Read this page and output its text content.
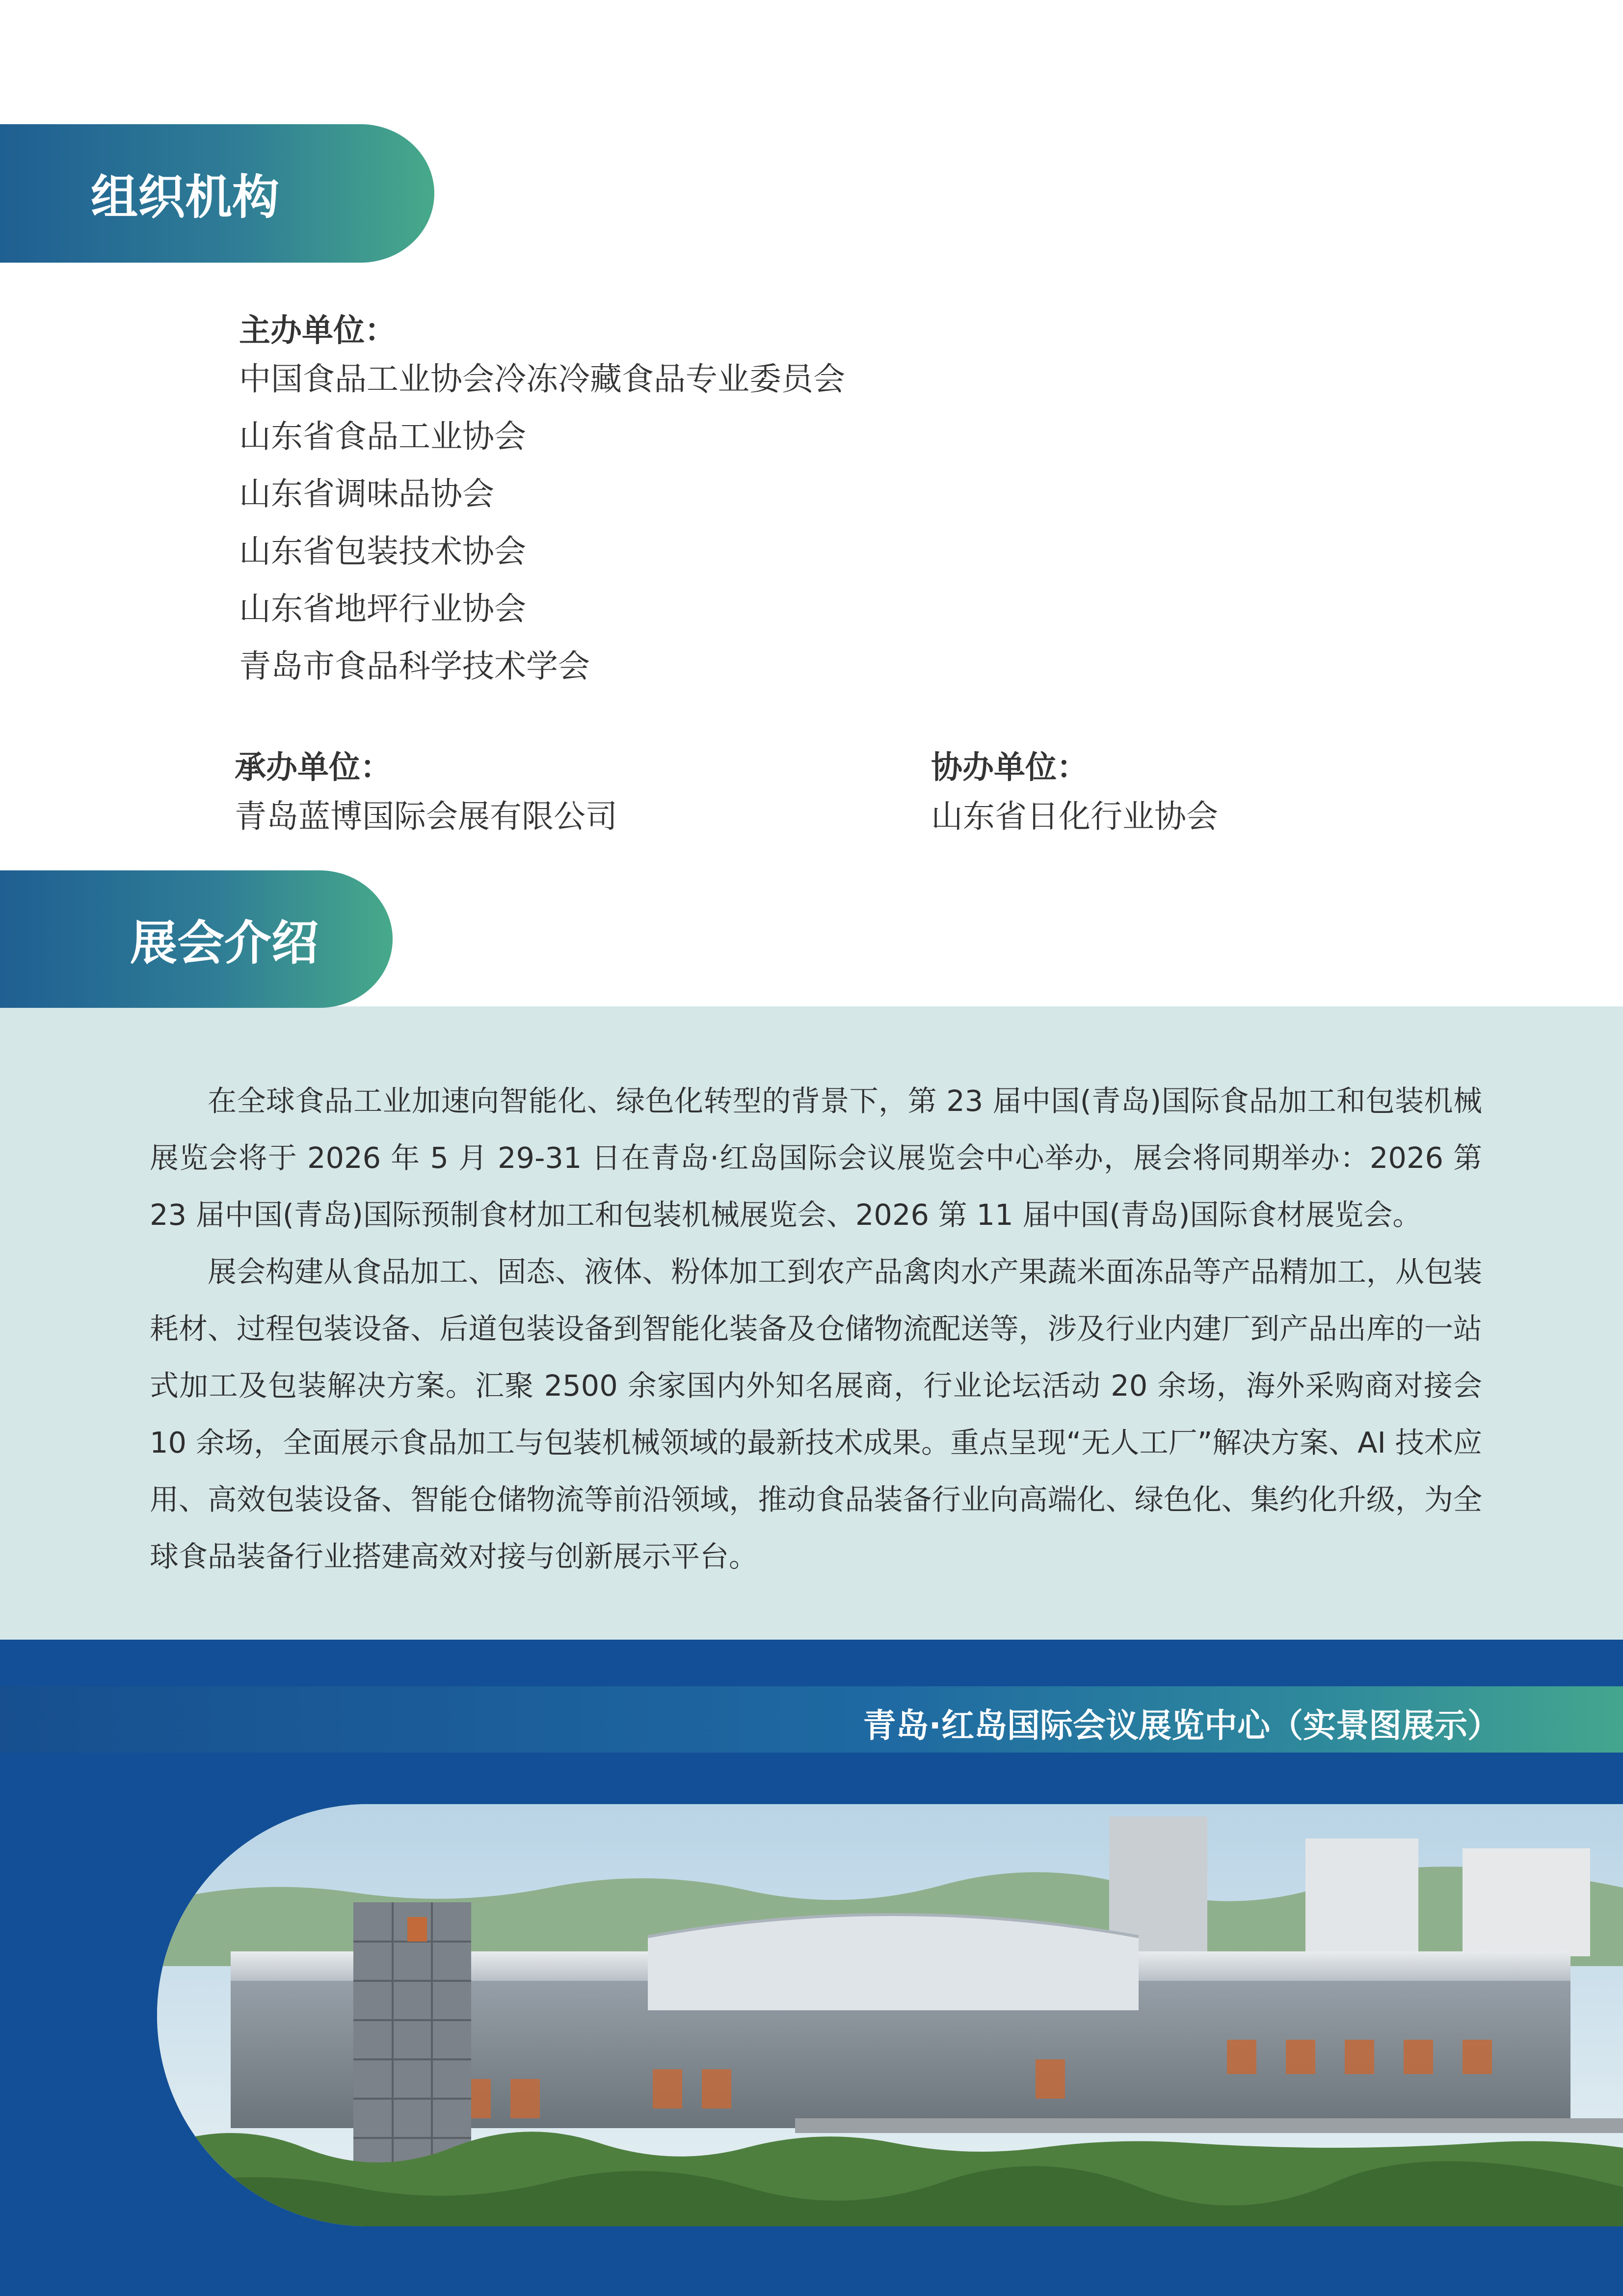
组织机构
主办单位：
中国食品工业协会冷冻冷藏食品专业委员会
山东省食品工业协会
山东省调味品协会
山东省包装技术协会
山东省地坪行业协会
青岛市食品科学技术学会
承办单位：
青岛蓝博国际会展有限公司
协办单位：
山东省日化行业协会
展会介绍

在全球食品工业加速向智能化、绿色化转型的背景下，第 23 届中国(青岛)国际食品加工和包装机械展览会将于 2026 年 5 月 29-31 日在青岛·红岛国际会议展览会中心举办，展会将同期举办：2026 第 23 届中国(青岛)国际预制食材加工和包装机械展览会、2026 第 11 届中国(青岛)国际食材展览会。

展会构建从食品加工、固态、液体、粉体加工到农产品禽肉水产果蔬米面冻品等产品精加工，从包装耗材、过程包装设备、后道包装设备到智能化装备及仓储物流配送等，涉及行业内建厂到产品出库的一站式加工及包装解决方案。汇聚 2500 余家国内外知名展商，行业论坛活动 20 余场，海外采购商对接会 10 余场，全面展示食品加工与包装机械领域的最新技术成果。重点呈现“无人工厂”解决方案、AI 技术应用、高效包装设备、智能仓储物流等前沿领域，推动食品装备行业向高端化、绿色化、集约化升级，为全球食品装备行业搭建高效对接与创新展示平台。

青岛·红岛国际会议展览中心（实景图展示）
